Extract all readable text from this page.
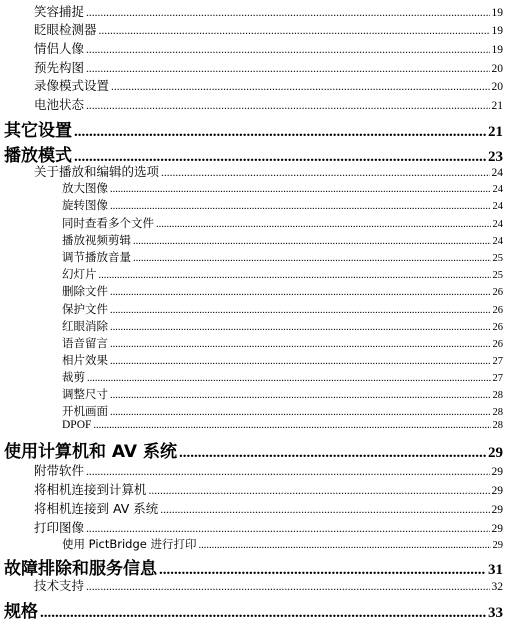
笑容捕捉 .....	19
眨眼检测器 .....	19
情侣人像 .....	19
预先构图 .....	20
录像模式设置 .....	20
电池状态 .....	21
其它设置 .....	21
播放模式 .....	23
关于播放和编辑的选项 .....	24
放大图像 .....	24
旋转图像 .....	24
同时查看多个文件 .....	24
播放视频剪辑 .....	24
调节播放音量 .....	25
幻灯片 .....	25
删除文件 .....	26
保护文件 .....	26
红眼消除 .....	26
语音留言 .....	26
相片效果 .....	27
裁剪 .....	27
调整尺寸 .....	28
开机画面 .....	28
DPOF .....	28
使用计算机和 AV 系统 .....	29
附带软件 .....	29
将相机连接到计算机 .....	29
将相机连接到 AV 系统 .....	29
打印图像 .....	29
使用 PictBridge 进行打印 .....	29
故障排除和服务信息 .....	31
技术支持 .....	32
规格 .....	33
